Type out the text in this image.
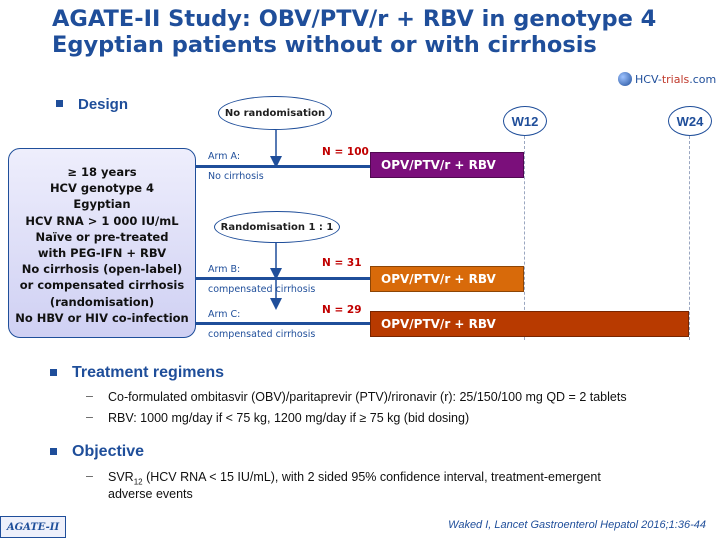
AGATE-II Study: OBV/PTV/r + RBV in genotype 4
Egyptian patients without or with cirrhosis
HCV-trials.com
Design	No randomisation
Randomisation 1 : 1
W12	W24
≥ 18 years
HCV genotype 4
Egyptian
HCV RNA > 1 000 IU/mL
Naïve or pre-treated
with PEG-IFN + RBV
No cirrhosis (open-label)
or compensated cirrhosis
(randomisation)
No HBV or HIV co-infection
Arm A:	N = 100
No cirrhosis
OPV/PTV/r + RBV
Arm B:
N = 31
compensated cirrhosis
OPV/PTV/r + RBV
Arm C:	N = 29
compensated cirrhosis
OPV/PTV/r + RBV
Treatment regimens
– Co-formulated ombitasvir (OBV)/paritaprevir (PTV)/rironavir (r): 25/150/100 mg QD = 2 tablets
– RBV: 1000 mg/day if < 75 kg, 1200 mg/day if ≥ 75 kg (bid dosing)
Objective
– $SVR_{12}$ (HCV RNA < 15 IU/mL), with 2 sided 95% confidence interval, treatment-emergent
adverse events
AGATE-II	Waked I, Lancet Gastroenterol Hepatol 2016;1:36-44
